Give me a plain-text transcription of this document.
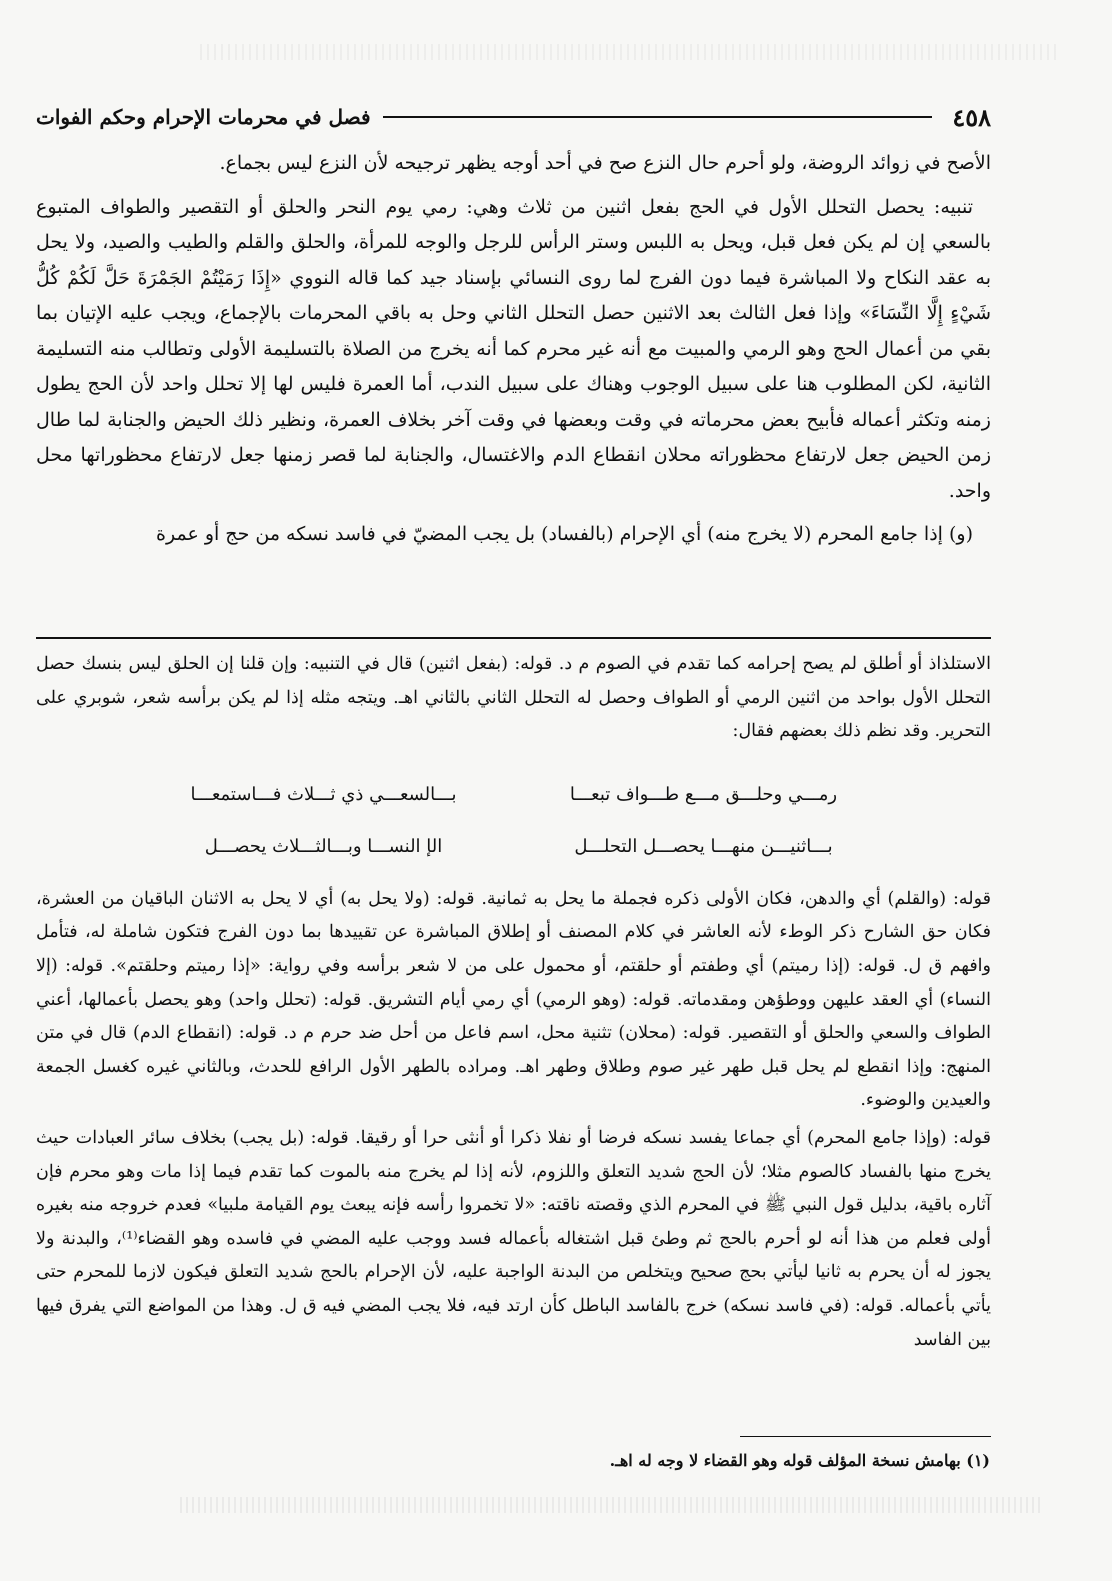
٤٥٨
فصل في محرمات الإحرام وحكم الفوات

الأصح في زوائد الروضة، ولو أحرم حال النزع صح في أحد أوجه يظهر ترجيحه لأن النزع ليس بجماع.

تنبيه: يحصل التحلل الأول في الحج بفعل اثنين من ثلاث وهي: رمي يوم النحر والحلق أو التقصير والطواف المتبوع بالسعي إن لم يكن فعل قبل، ويحل به اللبس وستر الرأس للرجل والوجه للمرأة، والحلق والقلم والطيب والصيد، ولا يحل به عقد النكاح ولا المباشرة فيما دون الفرج لما روى النسائي بإسناد جيد كما قاله النووي «إِذَا رَمَيْتُمْ الجَمْرَةَ حَلَّ لَكُمْ كُلُّ شَيْءٍ إِلَّا النِّسَاءَ» وإذا فعل الثالث بعد الاثنين حصل التحلل الثاني وحل به باقي المحرمات بالإجماع، ويجب عليه الإتيان بما بقي من أعمال الحج وهو الرمي والمبيت مع أنه غير محرم كما أنه يخرج من الصلاة بالتسليمة الأولى وتطالب منه التسليمة الثانية، لكن المطلوب هنا على سبيل الوجوب وهناك على سبيل الندب، أما العمرة فليس لها إلا تحلل واحد لأن الحج يطول زمنه وتكثر أعماله فأبيح بعض محرماته في وقت وبعضها في وقت آخر بخلاف العمرة، ونظير ذلك الحيض والجنابة لما طال زمن الحيض جعل لارتفاع محظوراته محلان انقطاع الدم والاغتسال، والجنابة لما قصر زمنها جعل لارتفاع محظوراتها محل واحد.

(و) إذا جامع المحرم (لا يخرج منه) أي الإحرام (بالفساد) بل يجب المضيّ في فاسد نسكه من حج أو عمرة

الاستلذاذ أو أطلق لم يصح إحرامه كما تقدم في الصوم م د. قوله: (بفعل اثنين) قال في التنبيه: وإن قلنا إن الحلق ليس بنسك حصل التحلل الأول بواحد من اثنين الرمي أو الطواف وحصل له التحلل الثاني بالثاني اهـ. ويتجه مثله إذا لم يكن برأسه شعر، شوبري على التحرير. وقد نظم ذلك بعضهم فقال:

رمـــي وحلـــق مـــع طـــواف تبعـــا
بـــالسعـــي ذي ثـــلاث فـــاستمعـــا
بـــاثنيـــن منهـــا يحصـــل التحلـــل
الإ النســـا وبـــالثـــلاث يحصـــل

قوله: (والقلم) أي والدهن، فكان الأولى ذكره فجملة ما يحل به ثمانية. قوله: (ولا يحل به) أي لا يحل به الاثنان الباقيان من العشرة، فكان حق الشارح ذكر الوطء لأنه العاشر في كلام المصنف أو إطلاق المباشرة عن تقييدها بما دون الفرج فتكون شاملة له، فتأمل وافهم ق ل. قوله: (إذا رميتم) أي وطفتم أو حلقتم، أو محمول على من لا شعر برأسه وفي رواية: «إذا رميتم وحلقتم». قوله: (إلا النساء) أي العقد عليهن ووطؤهن ومقدماته. قوله: (وهو الرمي) أي رمي أيام التشريق. قوله: (تحلل واحد) وهو يحصل بأعمالها، أعني الطواف والسعي والحلق أو التقصير. قوله: (محلان) تثنية محل، اسم فاعل من أحل ضد حرم م د. قوله: (انقطاع الدم) قال في متن المنهج: وإذا انقطع لم يحل قبل طهر غير صوم وطلاق وطهر اهـ. ومراده بالطهر الأول الرافع للحدث، وبالثاني غيره كغسل الجمعة والعيدين والوضوء.

قوله: (وإذا جامع المحرم) أي جماعا يفسد نسكه فرضا أو نفلا ذكرا أو أنثى حرا أو رقيقا. قوله: (بل يجب) بخلاف سائر العبادات حيث يخرج منها بالفساد كالصوم مثلا؛ لأن الحج شديد التعلق واللزوم، لأنه إذا لم يخرج منه بالموت كما تقدم فيما إذا مات وهو محرم فإن آثاره باقية، بدليل قول النبي ﷺ في المحرم الذي وقصته ناقته: «لا تخمروا رأسه فإنه يبعث يوم القيامة ملبيا» فعدم خروجه منه بغيره أولى فعلم من هذا أنه لو أحرم بالحج ثم وطئ قبل اشتغاله بأعماله فسد ووجب عليه المضي في فاسده وهو القضاء⁽¹⁾، والبدنة ولا يجوز له أن يحرم به ثانيا ليأتي بحج صحيح ويتخلص من البدنة الواجبة عليه، لأن الإحرام بالحج شديد التعلق فيكون لازما للمحرم حتى يأتي بأعماله. قوله: (في فاسد نسكه) خرج بالفاسد الباطل كأن ارتد فيه، فلا يجب المضي فيه ق ل. وهذا من المواضع التي يفرق فيها بين الفاسد

(١) بهامش نسخة المؤلف قوله وهو القضاء لا وجه له اهـ.
